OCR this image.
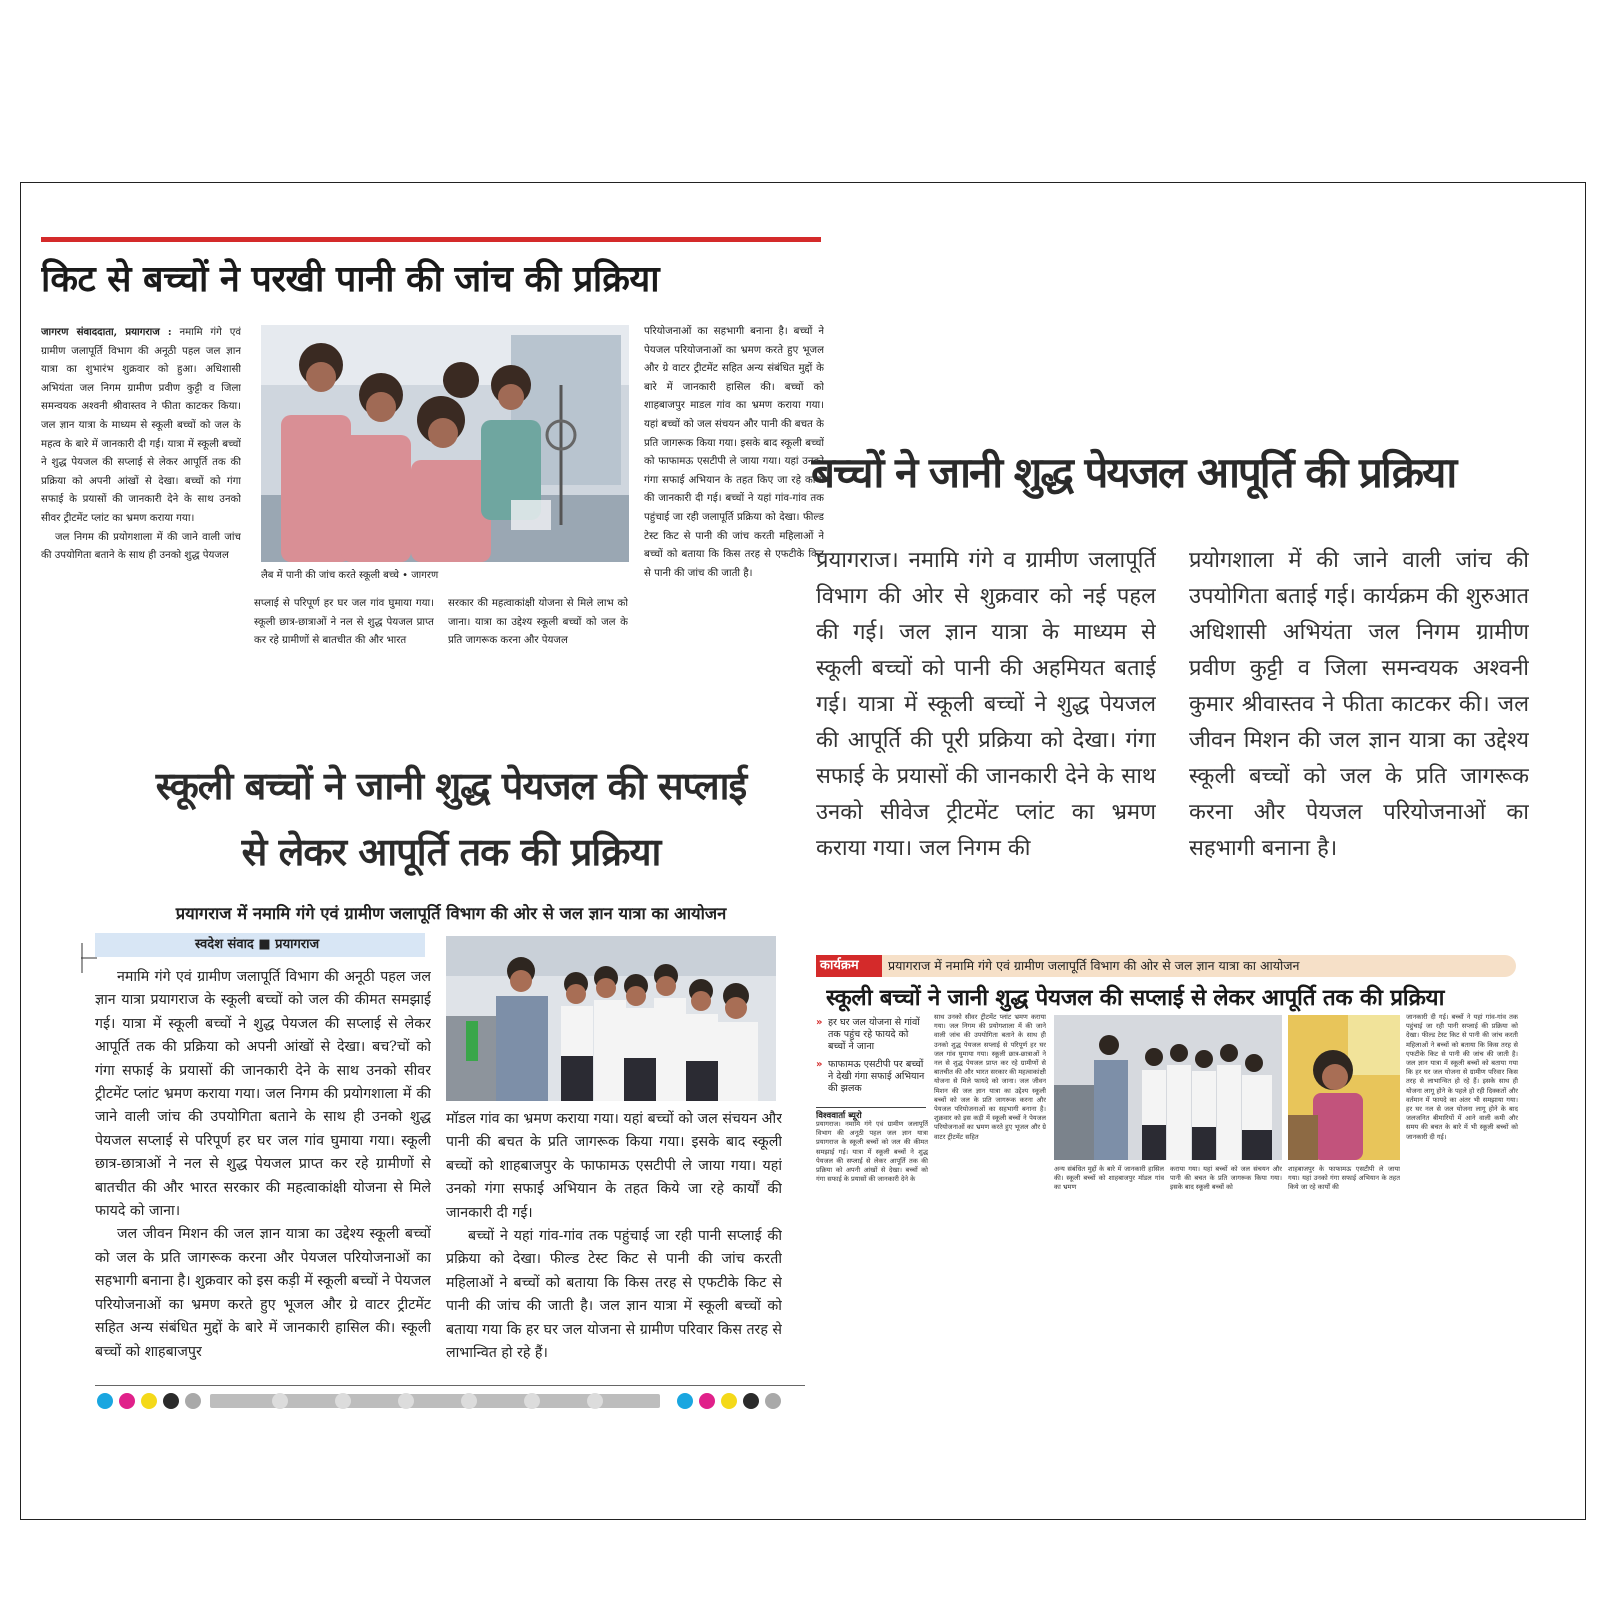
किट से बच्चों ने परखी पानी की जांच की प्रक्रिया
जागरण संवाददाता, प्रयागराज : नमामि गंगे एवं ग्रामीण जलापूर्ति विभाग की अनूठी पहल जल ज्ञान यात्रा का शुभारंभ शुक्रवार को हुआ। अधिशासी अभियंता जल निगम ग्रामीण प्रवीण कुट्टी व जिला समन्वयक अश्वनी श्रीवास्तव ने फीता काटकर किया। जल ज्ञान यात्रा के माध्यम से स्कूली बच्चों को जल के महत्व के बारे में जानकारी दी गई। यात्रा में स्कूली बच्चों ने शुद्ध पेयजल की सप्लाई से लेकर आपूर्ति तक की प्रक्रिया को अपनी आंखों से देखा। बच्चों को गंगा सफाई के प्रयासों की जानकारी देने के साथ उनको सीवर ट्रीटमेंट प्लांट का भ्रमण कराया गया।
जल निगम की प्रयोगशाला में की जाने वाली जांच की उपयोगिता बताने के साथ ही उनको शुद्ध पेयजल
लैब में पानी की जांच करते स्कूली बच्चे • जागरण
सप्लाई से परिपूर्ण हर घर जल गांव घुमाया गया। स्कूली छात्र-छात्राओं ने नल से शुद्ध पेयजल प्राप्त कर रहे ग्रामीणों से बातचीत की और भारत
सरकार की महत्वाकांक्षी योजना से मिले लाभ को जाना। यात्रा का उद्देश्य स्कूली बच्चों को जल के प्रति जागरूक करना और पेयजल
परियोजनाओं का सहभागी बनाना है। बच्चों ने पेयजल परियोजनाओं का भ्रमण करते हुए भूजल और ग्रे वाटर ट्रीटमेंट सहित अन्य संबंधित मुद्दों के बारे में जानकारी हासिल की। बच्चों को शाहबाजपुर माडल गांव का भ्रमण कराया गया। यहां बच्चों को जल संचयन और पानी की बचत के प्रति जागरूक किया गया। इसके बाद स्कूली बच्चों को फाफामऊ एसटीपी ले जाया गया। यहां उनको गंगा सफाई अभियान के तहत किए जा रहे कार्यों की जानकारी दी गई। बच्चों ने यहां गांव-गांव तक पहुंचाई जा रही जलापूर्ति प्रक्रिया को देखा। फील्ड टेस्ट किट से पानी की जांच करती महिलाओं ने बच्चों को बताया कि किस तरह से एफटीके किट से पानी की जांच की जाती है।
बच्चों ने जानी शुद्ध पेयजल आपूर्ति की प्रक्रिया
प्रयागराज। नमामि गंगे व ग्रामीण जलापूर्ति विभाग की ओर से शुक्रवार को नई पहल की गई। जल ज्ञान यात्रा के माध्यम से स्कूली बच्चों को पानी की अहमियत बताई गई। यात्रा में स्कूली बच्चों ने शुद्ध पेयजल की आपूर्ति की पूरी प्रक्रिया को देखा। गंगा सफाई के प्रयासों की जानकारी देने के साथ उनको सीवेज ट्रीटमेंट प्लांट का भ्रमण कराया गया। जल निगम की
प्रयोगशाला में की जाने वाली जांच की उपयोगिता बताई गई। कार्यक्रम की शुरुआत अधिशासी अभियंता जल निगम ग्रामीण प्रवीण कुट्टी व जिला समन्वयक अश्वनी कुमार श्रीवास्तव ने फीता काटकर की। जल जीवन मिशन की जल ज्ञान यात्रा का उद्देश्य स्कूली बच्चों को जल के प्रति जागरूक करना और पेयजल परियोजनाओं का सहभागी बनाना है।
स्कूली बच्चों ने जानी शुद्ध पेयजल की सप्लाई
से लेकर आपूर्ति तक की प्रक्रिया
प्रयागराज में नमामि गंगे एवं ग्रामीण जलापूर्ति विभाग की ओर से जल ज्ञान यात्रा का आयोजन
स्वदेश संवाद ■ प्रयागराज
नमामि गंगे एवं ग्रामीण जलापूर्ति विभाग की अनूठी पहल जल ज्ञान यात्रा प्रयागराज के स्कूली बच्चों को जल की कीमत समझाई गई। यात्रा में स्कूली बच्चों ने शुद्ध पेयजल की सप्लाई से लेकर आपूर्ति तक की प्रक्रिया को अपनी आंखों से देखा। बच?चों को गंगा सफाई के प्रयासों की जानकारी देने के साथ उनको सीवर ट्रीटमेंट प्लांट भ्रमण कराया गया। जल निगम की प्रयोगशाला में की जाने वाली जांच की उपयोगिता बताने के साथ ही उनको शुद्ध पेयजल सप्लाई से परिपूर्ण हर घर जल गांव घुमाया गया। स्कूली छात्र-छात्राओं ने नल से शुद्ध पेयजल प्राप्त कर रहे ग्रामीणों से बातचीत की और भारत सरकार की महत्वाकांक्षी योजना से मिले फायदे को जाना।
जल जीवन मिशन की जल ज्ञान यात्रा का उद्देश्य स्कूली बच्चों को जल के प्रति जागरूक करना और पेयजल परियोजनाओं का सहभागी बनाना है। शुक्रवार को इस कड़ी में स्कूली बच्चों ने पेयजल परियोजनाओं का भ्रमण करते हुए भूजल और ग्रे वाटर ट्रीटमेंट सहित अन्य संबंधित मुद्दों के बारे में जानकारी हासिल की। स्कूली बच्चों को शाहबाजपुर
मॉडल गांव का भ्रमण कराया गया। यहां बच्चों को जल संचयन और पानी की बचत के प्रति जागरूक किया गया। इसके बाद स्कूली बच्चों को शाहबाजपुर के फाफामऊ एसटीपी ले जाया गया। यहां उनको गंगा सफाई अभियान के तहत किये जा रहे कार्यों की जानकारी दी गई।
बच्चों ने यहां गांव-गांव तक पहुंचाई जा रही पानी सप्लाई की प्रक्रिया को देखा। फील्ड टेस्ट किट से पानी की जांच करती महिलाओं ने बच्चों को बताया कि किस तरह से एफटीके किट से पानी की जांच की जाती है। जल ज्ञान यात्रा में स्कूली बच्चों को बताया गया कि हर घर जल योजना से ग्रामीण परिवार किस तरह से लाभान्वित हो रहे हैं।
कार्यक्रम	प्रयागराज में नमामि गंगे एवं ग्रामीण जलापूर्ति विभाग की ओर से जल ज्ञान यात्रा का आयोजन
स्कूली बच्चों ने जानी शुद्ध पेयजल की सप्लाई से लेकर आपूर्ति तक की प्रक्रिया
» हर घर जल योजना से गांवों तक पहुंच रहे फायदे को बच्चों ने जाना
» फाफामऊ एसटीपी पर बच्चों ने देखी गंगा सफाई अभियान की झलक
विश्ववार्ता ब्यूरो
प्रयागराज। नमामि गंगे एवं ग्रामीण जलापूर्ति विभाग की अनूठी पहल जल ज्ञान यात्रा प्रयागराज के स्कूली बच्चों को जल की कीमत समझाई गई। यात्रा में स्कूली बच्चों ने शुद्ध पेयजल की सप्लाई से लेकर आपूर्ति तक की प्रक्रिया को अपनी आंखों से देखा। बच्चों को गंगा सफाई के प्रयासों की जानकारी देने के
साथ उनको सीवर ट्रीटमेंट प्लांट भ्रमण कराया गया। जल निगम की प्रयोगशाला में की जाने वाली जांच की उपयोगिता बताने के साथ ही उनको शुद्ध पेयजल सप्लाई से परिपूर्ण हर घर जल गांव घुमाया गया। स्कूली छात्र-छात्राओं ने नल से शुद्ध पेयजल प्राप्त कर रहे ग्रामीणों से बातचीत की और भारत सरकार की महत्वाकांक्षी योजना से मिले फायदे को जाना। जल जीवन मिशन की जल ज्ञान यात्रा का उद्देश्य स्कूली बच्चों को जल के प्रति जागरूक करना और पेयजल परियोजनाओं का सहभागी बनाना है। शुक्रवार को इस कड़ी में स्कूली बच्चों ने पेयजल परियोजनाओं का भ्रमण करते हुए भूजल और ग्रे वाटर ट्रीटमेंट सहित
अन्य संबंधित मुद्दों के बारे में जानकारी हासिल की। स्कूली बच्चों को शाहबाजपुर मॉडल गांव का भ्रमण
कराया गया। यहां बच्चों को जल संचयन और पानी की बचत के प्रति जागरूक किया गया। इसके बाद स्कूली बच्चों को
शाहबाजपुर के फाफामऊ एसटीपी ले जाया गया। यहां उनको गंगा सफाई अभियान के तहत किये जा रहे कार्यों की
जानकारी दी गई। बच्चों ने यहां गांव-गांव तक पहुंचाई जा रही पानी सप्लाई की प्रक्रिया को देखा। फील्ड टेस्ट किट से पानी की जांच करती महिलाओं ने बच्चों को बताया कि किस तरह से एफटीके किट से पानी की जांच की जाती है। जल ज्ञान यात्रा में स्कूली बच्चों को बताया गया कि हर घर जल योजना से ग्रामीण परिवार किस तरह से लाभान्वित हो रहे हैं। इसके साथ ही योजना लागू होने के पहले हो रही दिक्कतों और वर्तमान में फायदे का अंतर भी समझाया गया। हर घर नल से जल योजना लागू होने के बाद जलजनित बीमारियों में आने वाली कमी और समय की बचत के बारे में भी स्कूली बच्चों को जानकारी दी गई।
